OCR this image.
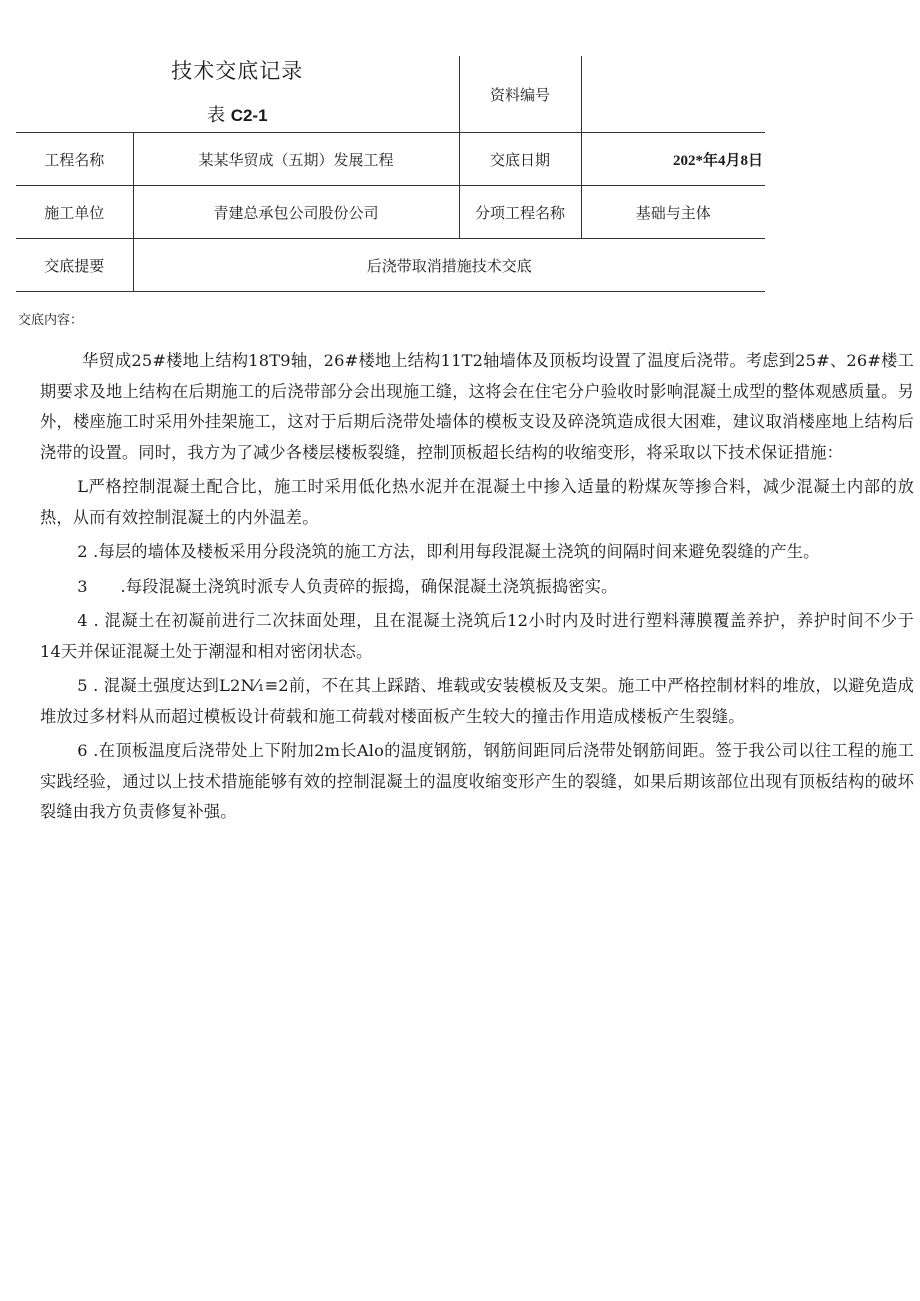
技术交底记录
表 C2-1		资料编号	
工程名称	某某华贸成（五期）发展工程	交底日期	202*年4月8日
施工单位	青建总承包公司股份公司	分项工程名称	基础与主体
交底提要	后浇带取消措施技术交底		
交底内容：

华贸成25#楼地上结构18T9轴，26#楼地上结构11T2轴墙体及顶板均设置了温度后浇带。考虑到25#、26#楼工期要求及地上结构在后期施工的后浇带部分会出现施工缝，这将会在住宅分户验收时影响混凝土成型的整体观感质量。另外，楼座施工时采用外挂架施工，这对于后期后浇带处墙体的模板支设及碎浇筑造成很大困难，建议取消楼座地上结构后浇带的设置。同时，我方为了减少各楼层楼板裂缝，控制顶板超长结构的收缩变形，将采取以下技术保证措施：

L严格控制混凝土配合比，施工时采用低化热水泥并在混凝土中掺入适量的粉煤灰等掺合料，减少混凝土内部的放热，从而有效控制混凝土的内外温差。

2 .每层的墙体及楼板采用分段浇筑的施工方法，即利用每段混凝土浇筑的间隔时间来避免裂缝的产生。

3　　.每段混凝土浇筑时派专人负责碎的振捣，确保混凝土浇筑振捣密实。

4 . 混凝土在初凝前进行二次抹面处理，且在混凝土浇筑后12小时内及时进行塑料薄膜覆盖养护，养护时间不少于14天并保证混凝土处于潮湿和相对密闭状态。

5 . 混凝土强度达到L2N⁄₁≡2前，不在其上踩踏、堆载或安装模板及支架。施工中严格控制材料的堆放，以避免造成堆放过多材料从而超过模板设计荷载和施工荷载对楼面板产生较大的撞击作用造成楼板产生裂缝。

6 .在顶板温度后浇带处上下附加2m长Alo的温度钢筋，钢筋间距同后浇带处钢筋间距。签于我公司以往工程的施工实践经验，通过以上技术措施能够有效的控制混凝土的温度收缩变形产生的裂缝，如果后期该部位出现有顶板结构的破坏裂缝由我方负责修复补强。
